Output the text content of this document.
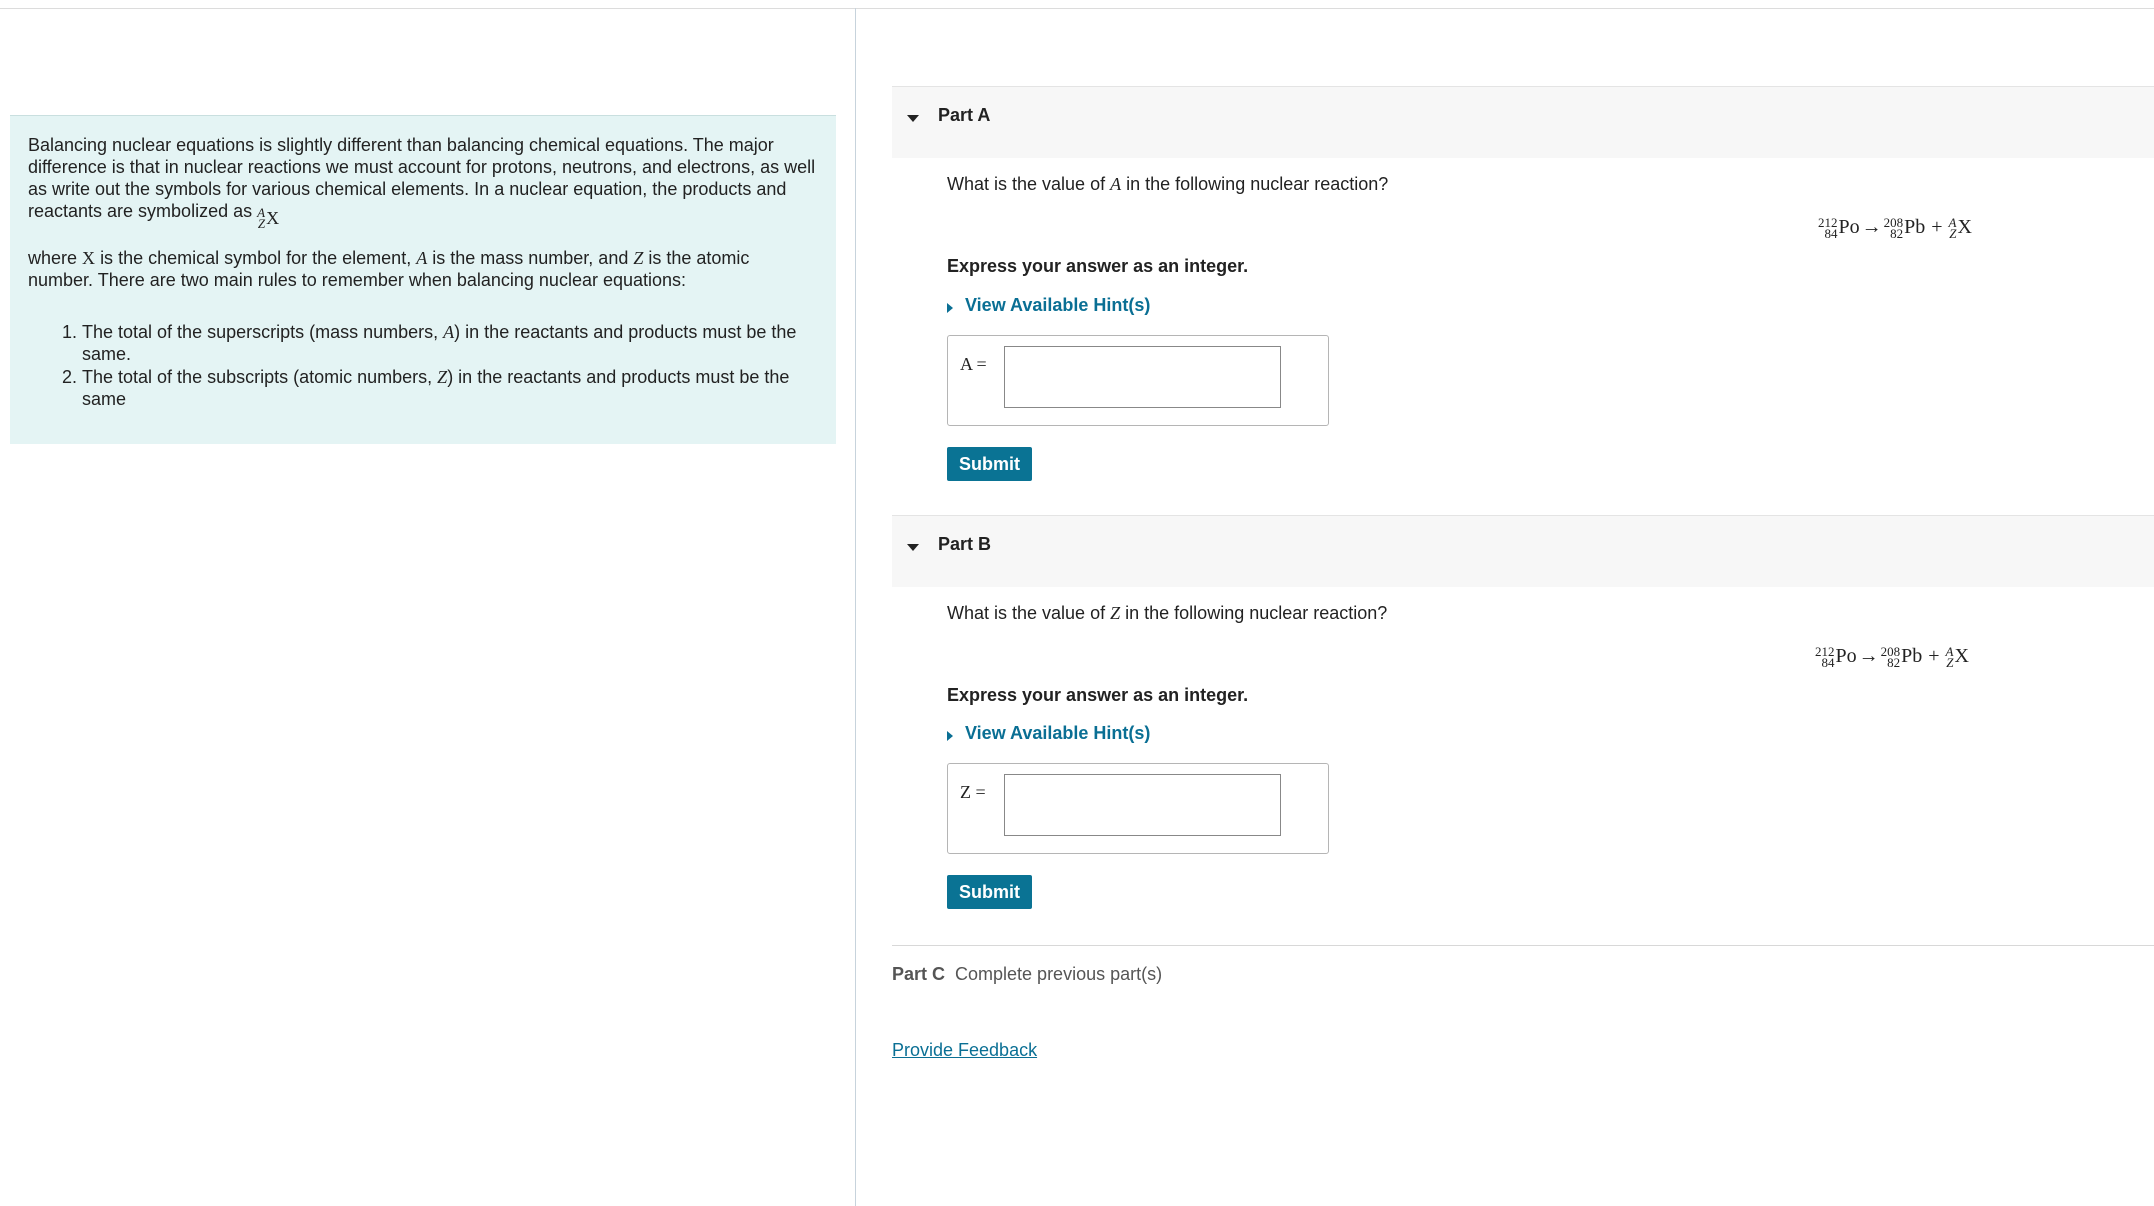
Balancing nuclear equations is slightly different than balancing chemical equations. The major difference is that in nuclear reactions we must account for protons, neutrons, and electrons, as well as write out the symbols for various chemical elements. In a nuclear equation, the products and reactants are symbolized as A
Z X

where X is the chemical symbol for the element, A is the mass number, and Z is the atomic number. There are two main rules to remember when balancing nuclear equations:

1. The total of the superscripts (mass numbers, A) in the reactants and products must be the same.
2. The total of the subscripts (atomic numbers, Z) in the reactants and products must be the same
Part A
What is the value of A in the following nuclear reaction?
212
84 Po → 208
82 Pb + A
Z X
Express your answer as an integer.
View Available Hint(s)
A =
Submit
Part B
What is the value of Z in the following nuclear reaction?
212
84 Po → 208
82 Pb + A
Z X
Express your answer as an integer.
View Available Hint(s)
Z =
Submit
Part C Complete previous part(s)
Provide Feedback
